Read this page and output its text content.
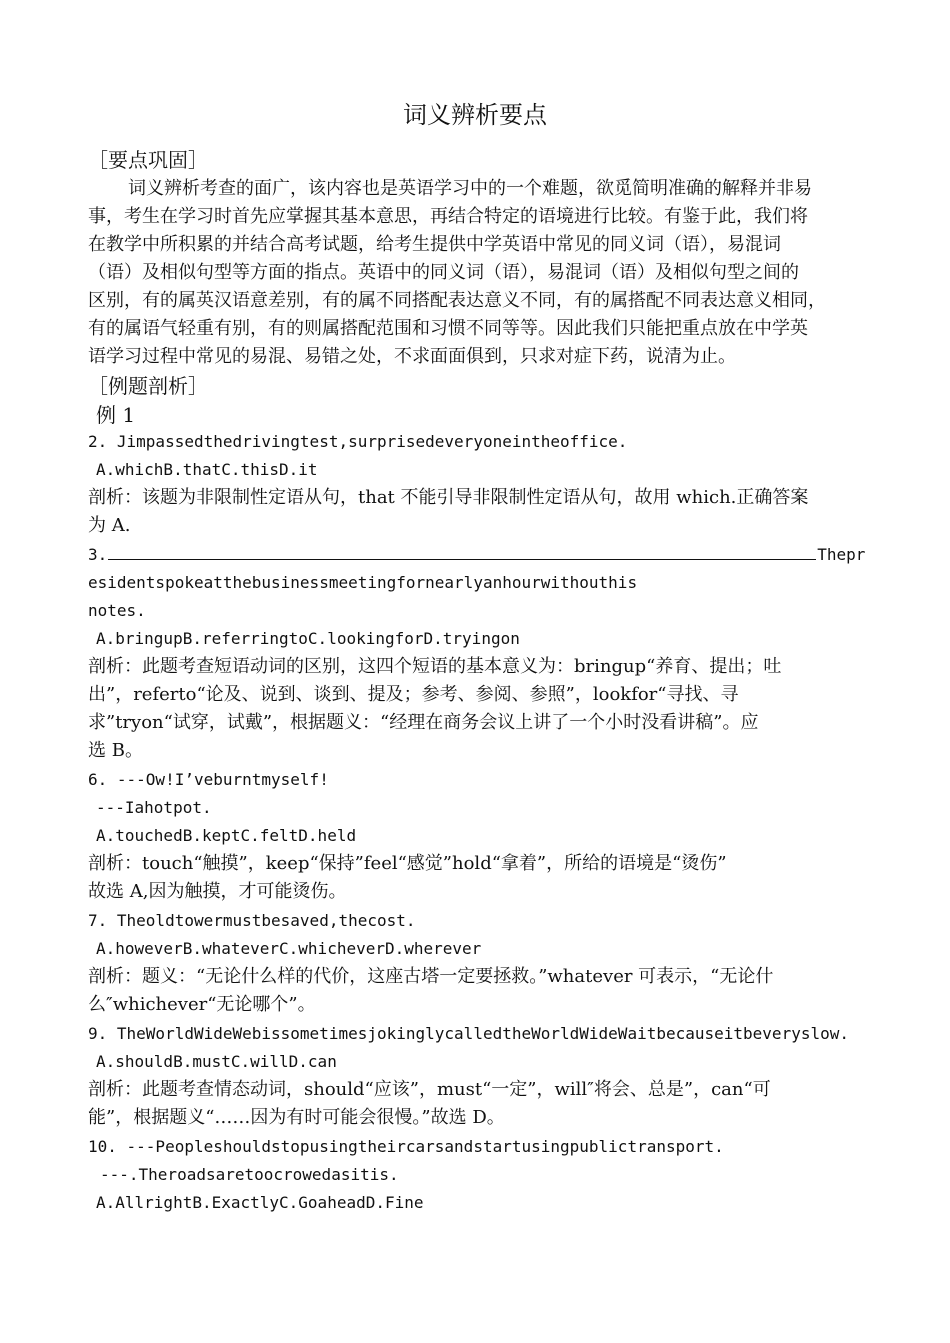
词义辨析要点
［要点巩固］
词义辨析考查的面广，该内容也是英语学习中的一个难题，欲觅简明准确的解释并非易
事，考生在学习时首先应掌握其基本意思，再结合特定的语境进行比较。有鉴于此，我们将
在教学中所积累的并结合高考试题，给考生提供中学英语中常见的同义词（语），易混词
（语）及相似句型等方面的指点。英语中的同义词（语），易混词（语）及相似句型之间的
区别，有的属英汉语意差别，有的属不同搭配表达意义不同，有的属搭配不同表达意义相同，
有的属语气轻重有别，有的则属搭配范围和习惯不同等等。因此我们只能把重点放在中学英
语学习过程中常见的易混、易错之处，不求面面俱到，只求对症下药，说清为止。
［例题剖析］
例 1
2. Jimpassedthedrivingtest,surprisedeveryoneintheoffice.
A.whichB.thatC.thisD.it
剖析：该题为非限制性定语从句，that 不能引导非限制性定语从句，故用 which.正确答案
为 A.
3.	Thepr
esidentspokeatthebusinessmeetingfornearlyanhourwithouthis
notes.
A.bringupB.referringtoC.lookingforD.tryingon
剖析：此题考查短语动词的区别，这四个短语的基本意义为：bringup“养育、提出；吐
出”，referto“论及、说到、谈到、提及；参考、参阅、参照”，lookfor“寻找、寻
求”tryon“试穿，试戴”，根据题义：“经理在商务会议上讲了一个小时没看讲稿”。应
选 B。
6. ---Ow!I’veburntmyself!
---Iahotpot.
A.touchedB.keptC.feltD.held
剖析：touch“触摸”，keep“保持”feel“感觉”hold“拿着”，所给的语境是“烫伤”
故选 A,因为触摸，才可能烫伤。
7. Theoldtowermustbesaved,thecost.
A.howeverB.whateverC.whicheverD.wherever
剖析：题义：“无论什么样的代价，这座古塔一定要拯救。”whatever 可表示，“无论什
么″whichever“无论哪个”。
9. TheWorldWideWebissometimesjokinglycalledtheWorldWideWaitbecauseitbeveryslow.
A.shouldB.mustC.willD.can
剖析：此题考查情态动词，should“应该”，must“一定”，will″将会、总是”，can“可
能”，根据题义“……因为有时可能会很慢。”故选 D。
10. ---Peopleshouldstopusingtheircarsandstartusingpublictransport.
---.Theroadsaretoocrowedasitis.
A.AllrightB.ExactlyC.GoaheadD.Fine
